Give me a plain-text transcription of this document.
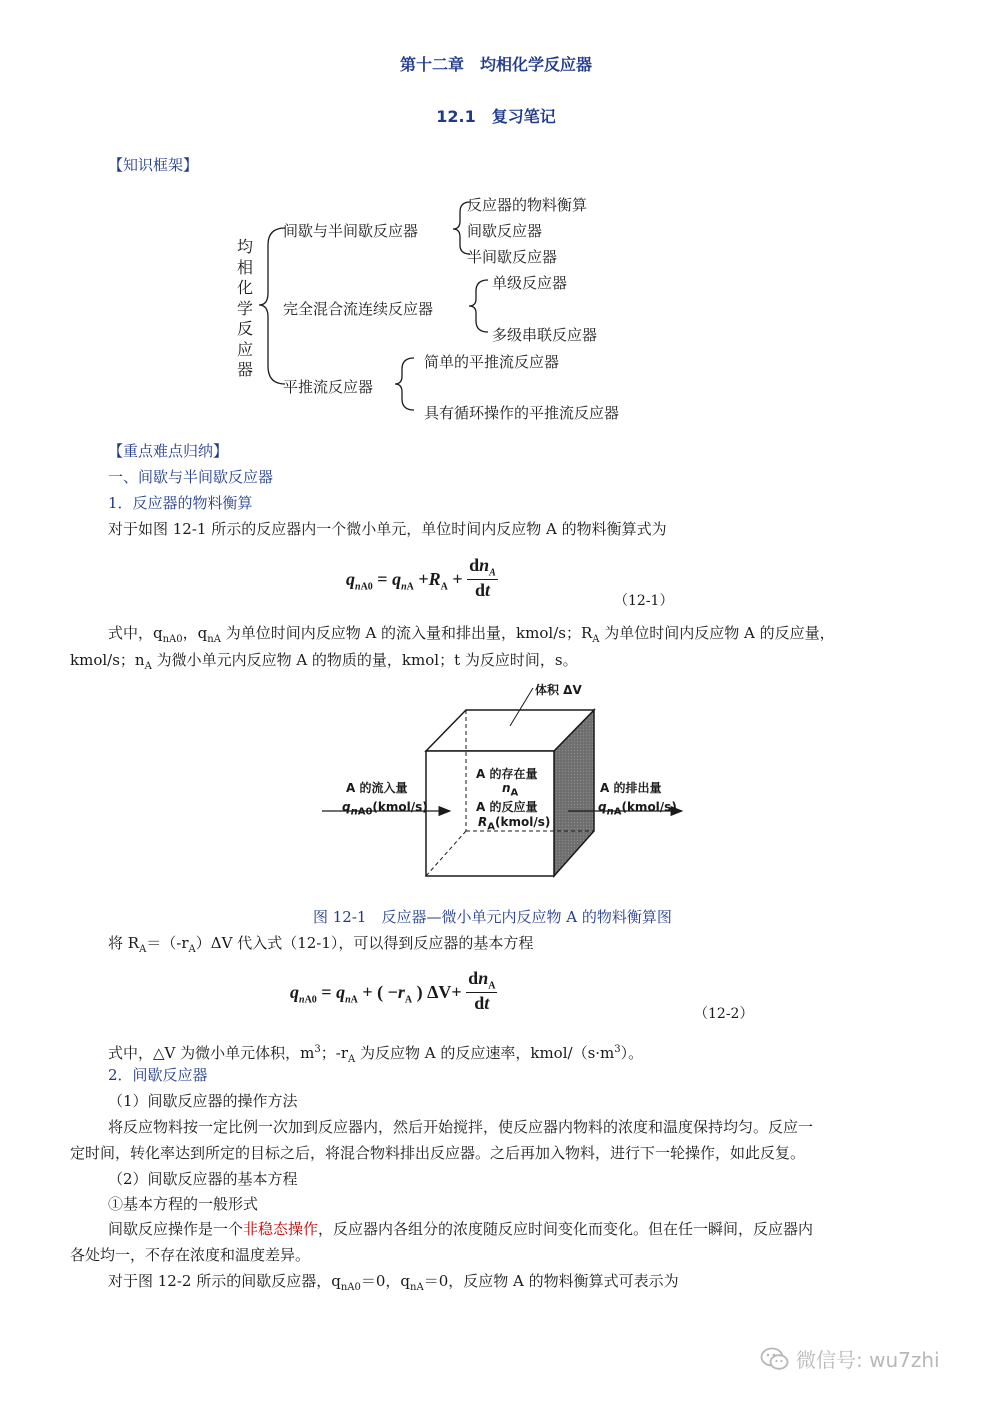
第十二章　均相化学反应器
12.1　复习笔记
【知识框架】
均相化学反应器
间歇与半间歇反应器
完全混合流连续反应器
平推流反应器
反应器的物料衡算
间歇反应器
半间歇反应器
单级反应器
多级串联反应器
简单的平推流反应器
具有循环操作的平推流反应器
【重点难点归纳】
一、间歇与半间歇反应器
1．反应器的物料衡算
对于如图 12-1 所示的反应器内一个微小单元，单位时间内反应物 A 的物料衡算式为
$q_{nA0} = q_{nA} +R_A$ +
$dn_A$
dt
（12-1）
式中，$q_{nA0}$，$q_{nA}$ 为单位时间内反应物 A 的流入量和排出量，kmol/s；$R_A$ 为单位时间内反应物 A 的反应量，
kmol/s；$n_A$ 为微小单元内反应物 A 的物质的量，kmol；t 为反应时间，s。
体积 ΔV
A 的流入量
$q_{nA0}(kmol/s)$
A 的存在量
$n_A$
A 的反应量
$R_A(kmol/s)$
A 的排出量
$q_{nA}(kmol/s)$
图 12-1　反应器—微小单元内反应物 A 的物料衡算图
将 $R_A=(-r_A)\Delta V$ 代入式（12-1），可以得到反应器的基本方程
$q_{nA0} = q_{nA}$ + ( $-r_A$ ) ΔV+
$dn_A$
dt
（12-2）
式中，△V 为微小单元体积，$m^3$；$-r_A$ 为反应物 A 的反应速率，kmol/$(s\cdot m^3)$。
2．间歇反应器
（1）间歇反应器的操作方法
将反应物料按一定比例一次加到反应器内，然后开始搅拌，使反应器内物料的浓度和温度保持均匀。反应一
定时间，转化率达到所定的目标之后，将混合物料排出反应器。之后再加入物料，进行下一轮操作，如此反复。
（2）间歇反应器的基本方程
①基本方程的一般形式
间歇反应操作是一个非稳态操作，反应器内各组分的浓度随反应时间变化而变化。但在任一瞬间，反应器内
各处均一，不存在浓度和温度差异。
对于图 12-2 所示的间歇反应器，$q_{nA0}=0$，$q_{nA}=0$，反应物 A 的物料衡算式可表示为
微信号: wu7zhi
